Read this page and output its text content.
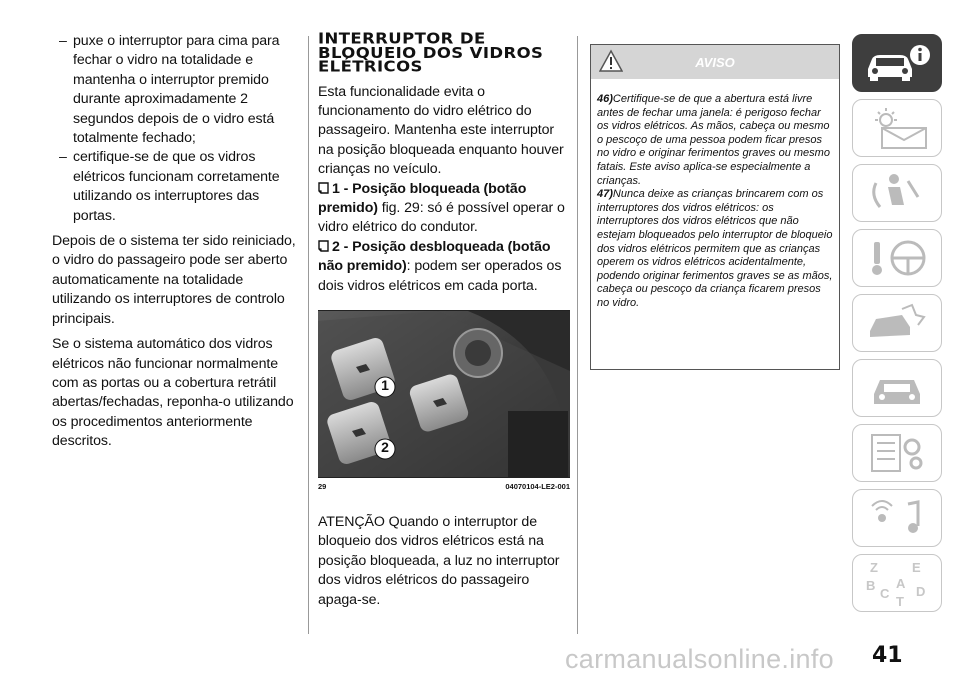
– puxe o interruptor para cima para fechar o vidro na totalidade e mantenha o interruptor premido durante aproximadamente 2 segundos depois de o vidro está totalmente fechado;
– certifique-se de que os vidros elétricos funcionam corretamente utilizando os interruptores das portas.

Depois de o sistema ter sido reiniciado, o vidro do passageiro pode ser aberto automaticamente na totalidade utilizando os interruptores de controlo principais.

Se o sistema automático dos vidros elétricos não funcionar normalmente com as portas ou a cobertura retrátil abertas/fechadas, reponha-o utilizando os procedimentos anteriormente descritos.

INTERRUPTOR DE BLOQUEIO DOS VIDROS ELÉTRICOS

Esta funcionalidade evita o funcionamento do vidro elétrico do passageiro. Mantenha este interruptor na posição bloqueada enquanto houver crianças no veículo.

1 - Posição bloqueada (botão premido) fig. 29: só é possível operar o vidro elétrico do condutor.

2 - Posição desbloqueada (botão não premido): podem ser operados os dois vidros elétricos em cada porta.

1
2
29	04070104-LE2-001

ATENÇÃO Quando o interruptor de bloqueio dos vidros elétricos está na posição bloqueada, a luz no interruptor dos vidros elétricos do passageiro apaga-se.

AVISO
46)Certifique-se de que a abertura está livre antes de fechar uma janela: é perigoso fechar os vidros elétricos. As mãos, cabeça ou mesmo o pescoço de uma pessoa podem ficar presos no vidro e originar ferimentos graves ou mesmo fatais. Este aviso aplica-se especialmente a crianças.
47)Nunca deixe as crianças brincarem com os interruptores dos vidros elétricos: os interruptores dos vidros elétricos que não estejam bloqueados pelo interruptor de bloqueio dos vidros elétricos permitem que as crianças operem os vidros elétricos acidentalmente, podendo originar ferimentos graves se as mãos, cabeça ou pescoço da criança ficarem presos no vidro.
Z	E
B A
C D
T
carmanualsonline.info 41
